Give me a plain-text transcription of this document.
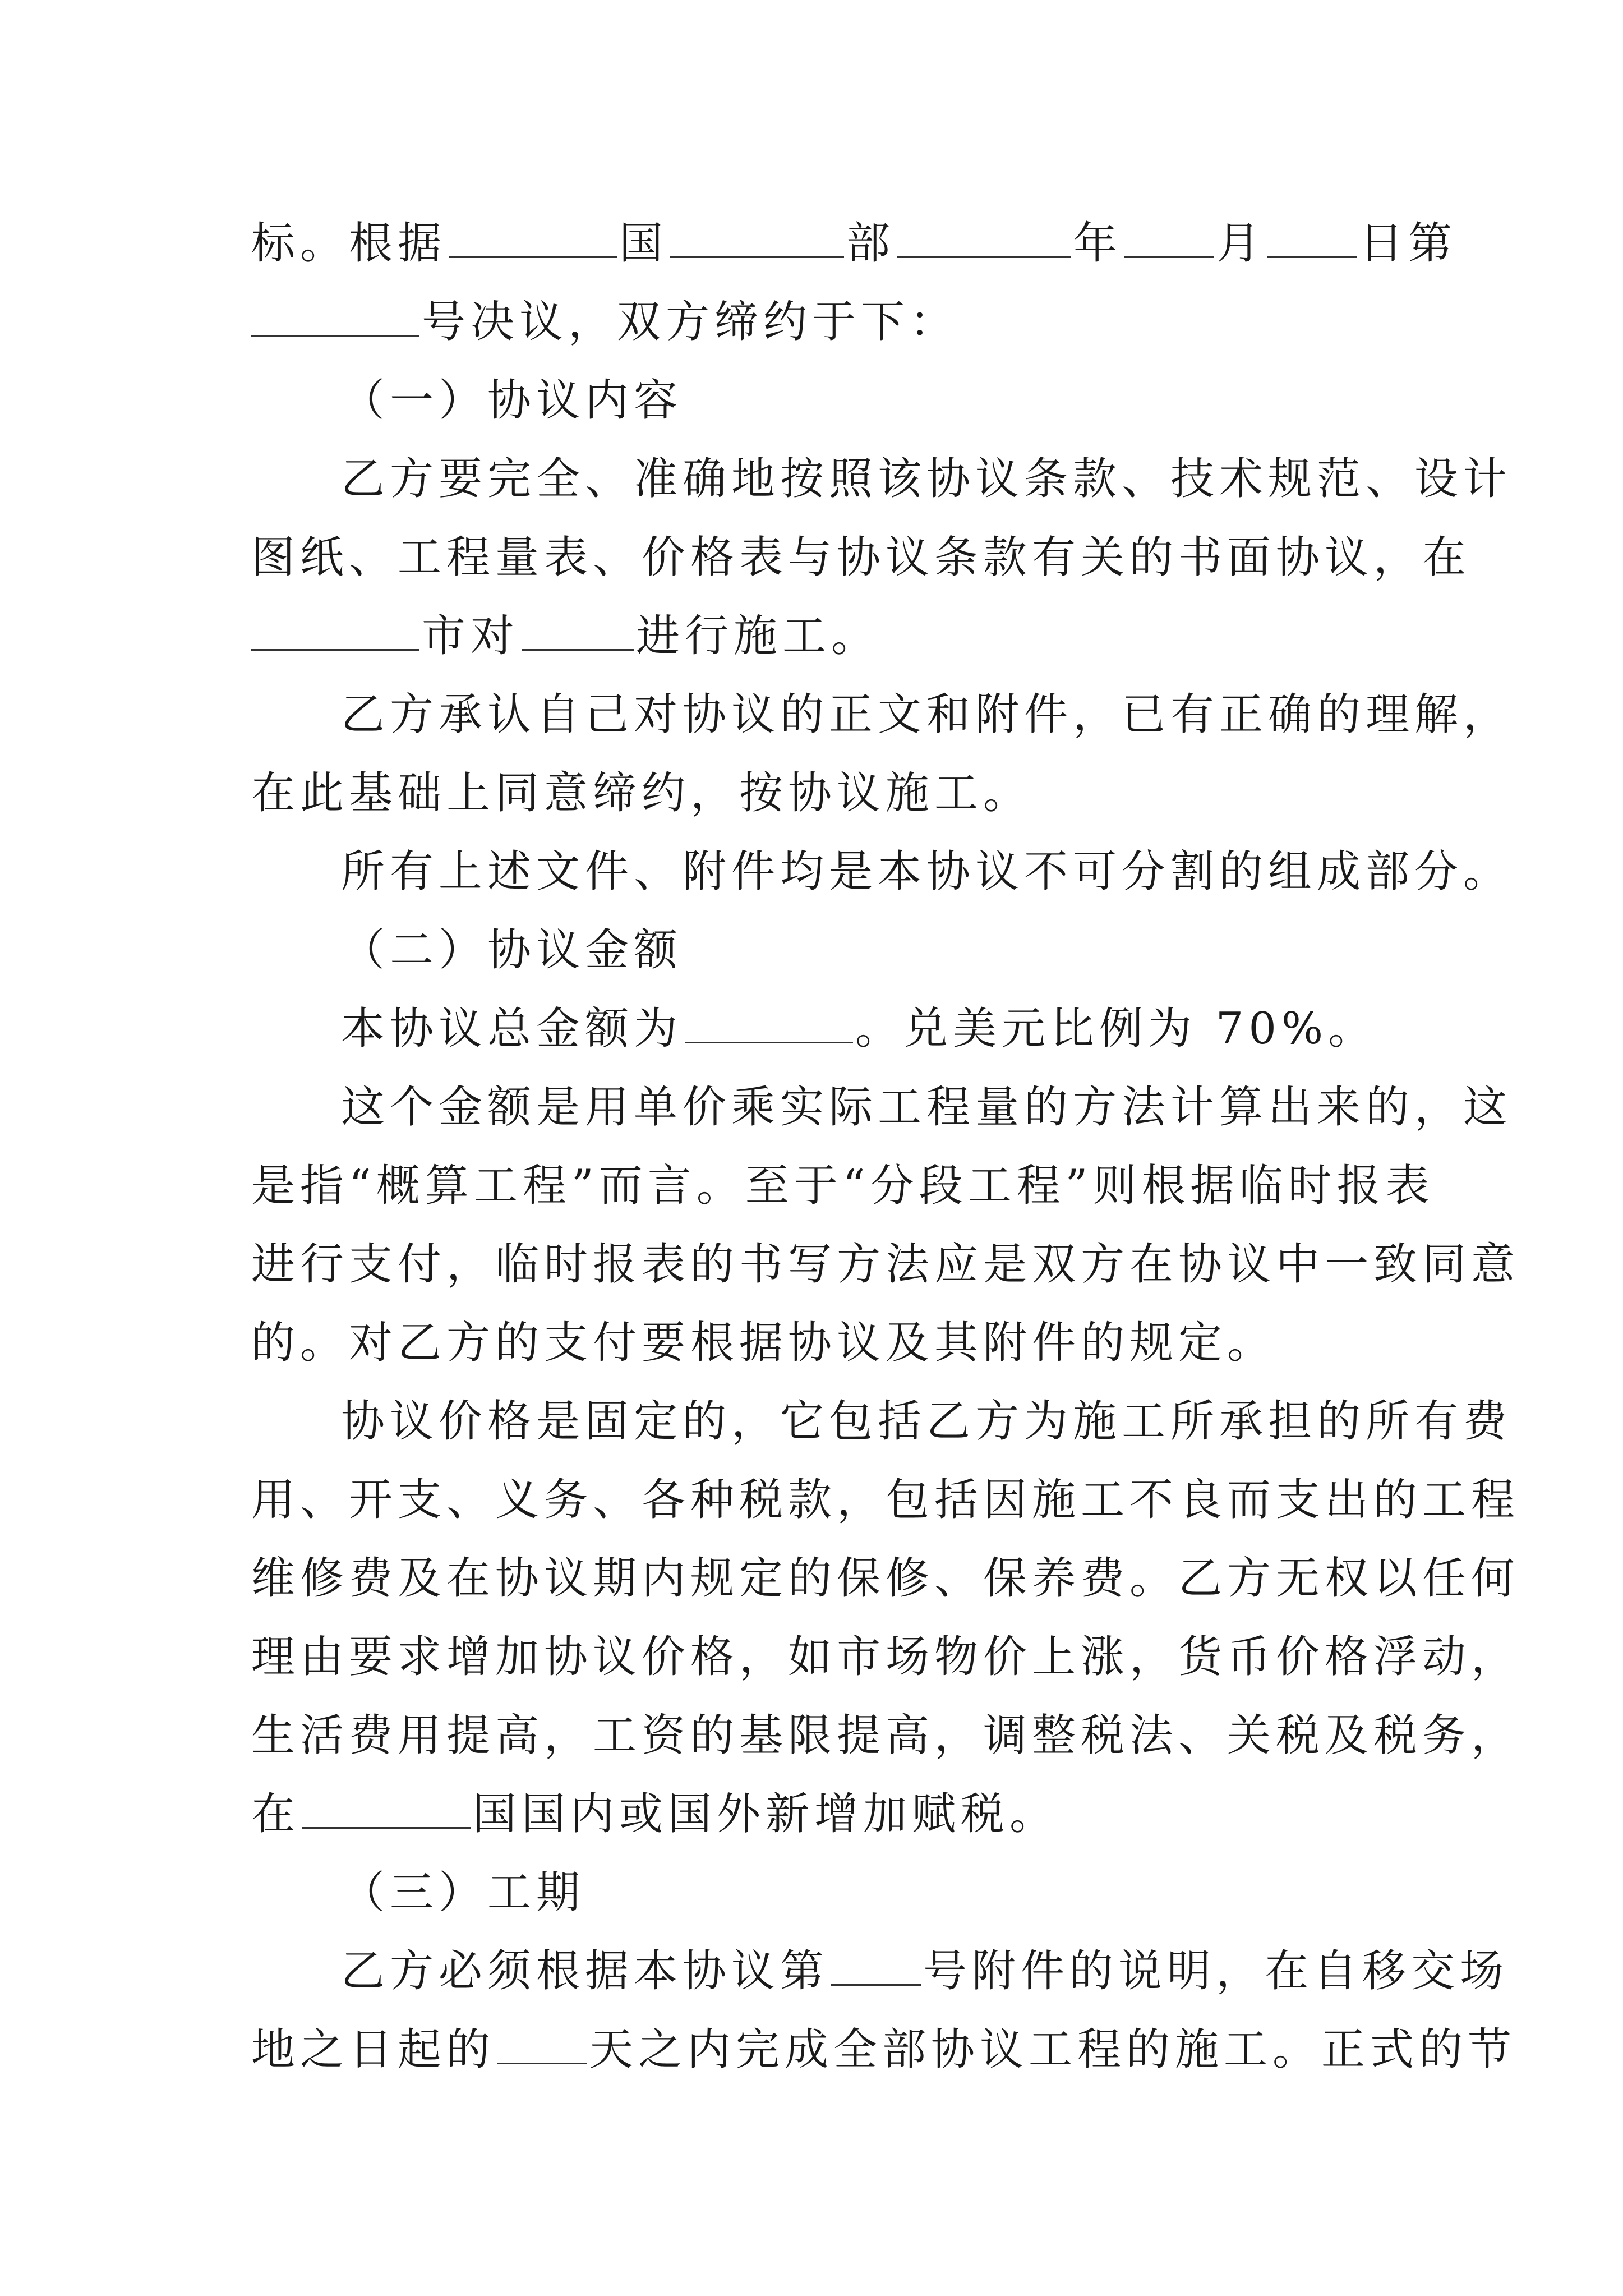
标。根据	国	部	年 月 日第
号决议，双方缔约于下：
（一）协议内容
乙方要完全、准确地按照该协议条款、技术规范、设计
图纸、工程量表、价格表与协议条款有关的书面协议，在
市对	进行施工。
乙方承认自己对协议的正文和附件，已有正确的理解，
在此基础上同意缔约，按协议施工。
所有上述文件、附件均是本协议不可分割的组成部分。
（二）协议金额
本协议总金额为	。兑美元比例为 70%。
这个金额是用单价乘实际工程量的方法计算出来的，这
是指“概算工程”而言。至于“分段工程”则根据临时报表
进行支付，临时报表的书写方法应是双方在协议中一致同意
的。对乙方的支付要根据协议及其附件的规定。
协议价格是固定的，它包括乙方为施工所承担的所有费
用、开支、义务、各种税款，包括因施工不良而支出的工程
维修费及在协议期内规定的保修、保养费。乙方无权以任何
理由要求增加协议价格，如市场物价上涨，货币价格浮动，
生活费用提高，工资的基限提高，调整税法、关税及税务，
在	国国内或国外新增加赋税。
（三）工期
乙方必须根据本协议第 号附件的说明，在自移交场
地之日起的 天之内完成全部协议工程的施工。正式的节
